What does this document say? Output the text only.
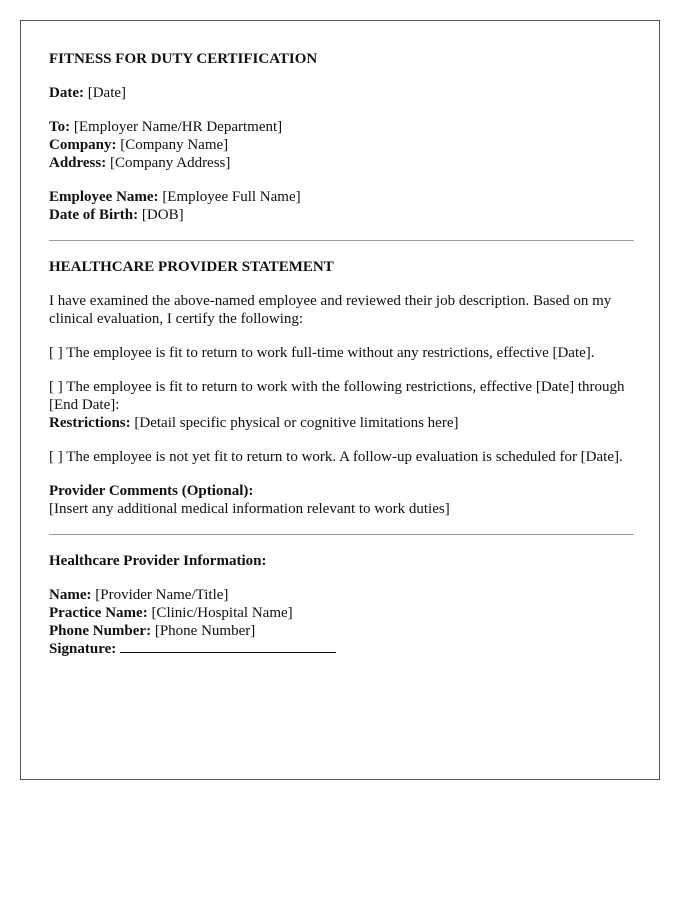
FITNESS FOR DUTY CERTIFICATION

Date: [Date]

To: [Employer Name/HR Department]

Company: [Company Name]

Address: [Company Address]

Employee Name: [Employee Full Name]

Date of Birth: [DOB]

HEALTHCARE PROVIDER STATEMENT

I have examined the above-named employee and reviewed their job description. Based on my clinical evaluation, I certify the following:

[ ] The employee is fit to return to work full-time without any restrictions, effective [Date].

[ ] The employee is fit to return to work with the following restrictions, effective [Date] through [End Date]:

Restrictions: [Detail specific physical or cognitive limitations here]

[ ] The employee is not yet fit to return to work. A follow-up evaluation is scheduled for [Date].

Provider Comments (Optional):

[Insert any additional medical information relevant to work duties]

Healthcare Provider Information:

Name: [Provider Name/Title]

Practice Name: [Clinic/Hospital Name]

Phone Number: [Phone Number]

Signature:
